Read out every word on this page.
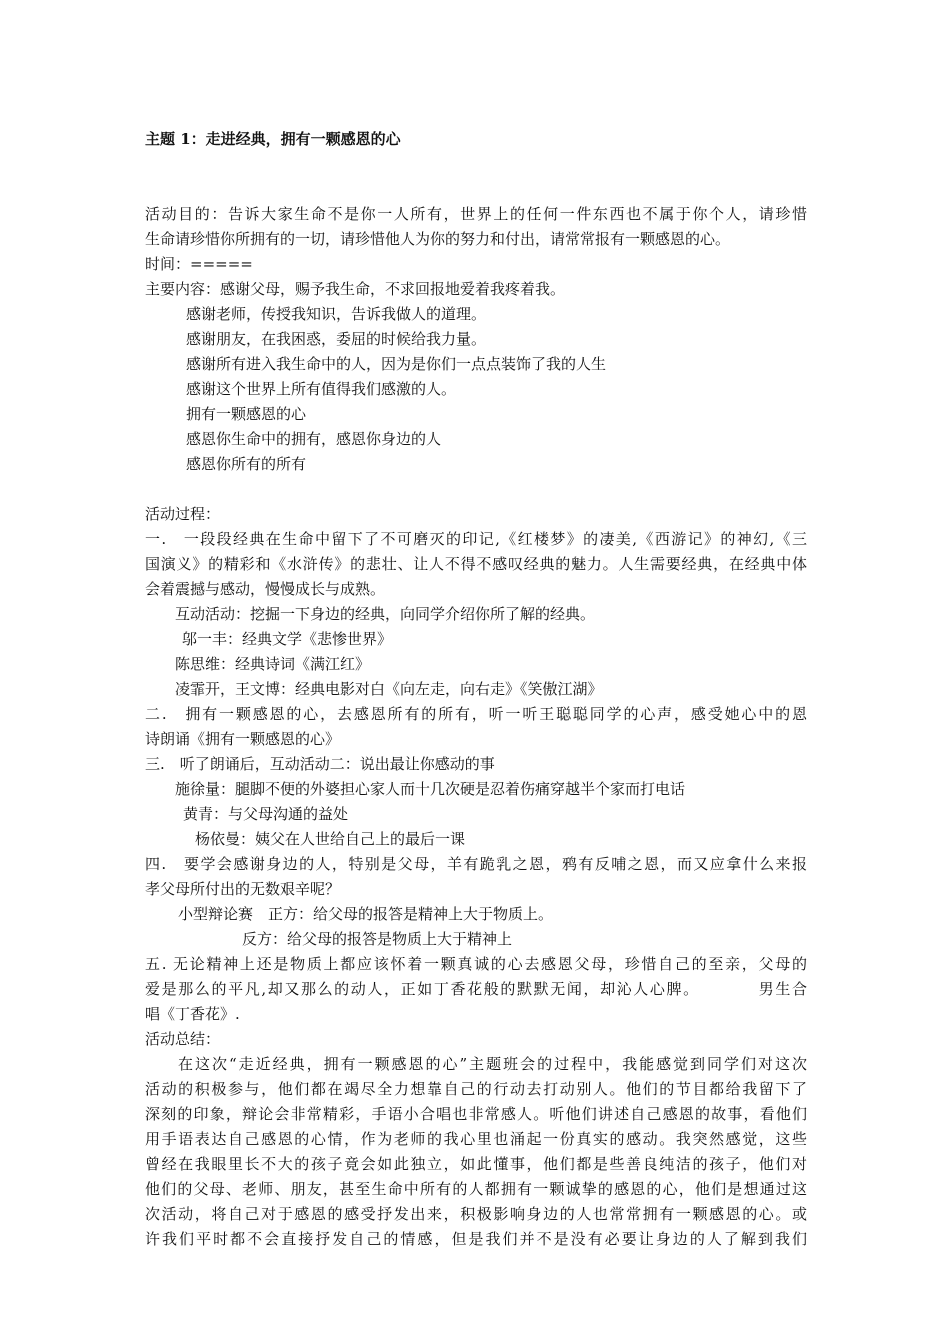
主题 1：走进经典，拥有一颗感恩的心
活动目的：告诉大家生命不是你一人所有，世界上的任何一件东西也不属于你个人，请珍惜
生命请珍惜你所拥有的一切，请珍惜他人为你的努力和付出，请常常报有一颗感恩的心。
时间：=====
主要内容：感谢父母，赐予我生命，不求回报地爱着我疼着我。
感谢老师，传授我知识，告诉我做人的道理。
感谢朋友，在我困惑，委屈的时候给我力量。
感谢所有进入我生命中的人，因为是你们一点点装饰了我的人生
感谢这个世界上所有值得我们感激的人。
拥有一颗感恩的心
感恩你生命中的拥有，感恩你身边的人
感恩你所有的所有
活动过程：
一.　一段段经典在生命中留下了不可磨灭的印记,《红楼梦》的凄美,《西游记》的神幻,《三
国演义》的精彩和《水浒传》的悲壮、让人不得不感叹经典的魅力。人生需要经典，在经典中体
会着震撼与感动，慢慢成长与成熟。
互动活动：挖掘一下身边的经典，向同学介绍你所了解的经典。
邬一丰：经典文学《悲惨世界》
陈思维：经典诗词《满江红》
凌霏开，王文博：经典电影对白《向左走，向右走》《笑傲江湖》
二.　拥有一颗感恩的心，去感恩所有的所有，听一听王聪聪同学的心声，感受她心中的恩
诗朗诵《拥有一颗感恩的心》
三.　听了朗诵后，互动活动二：说出最让你感动的事
施徐量：腿脚不便的外婆担心家人而十几次硬是忍着伤痛穿越半个家而打电话
黄青：与父母沟通的益处
杨依曼：姨父在人世给自己上的最后一课
四.　要学会感谢身边的人，特别是父母，羊有跪乳之恩，鸦有反哺之恩，而又应拿什么来报
孝父母所付出的无数艰辛呢？
小型辩论赛　正方：给父母的报答是精神上大于物质上。
反方：给父母的报答是物质上大于精神上
五. 无论精神上还是物质上都应该怀着一颗真诚的心去感恩父母，珍惜自己的至亲，父母的
爱是那么的平凡,却又那么的动人，正如丁香花般的默默无闻，却沁人心脾。　　　　男生合
唱《丁香花》.
活动总结：
在这次“走近经典，拥有一颗感恩的心”主题班会的过程中，我能感觉到同学们对这次
活动的积极参与，他们都在竭尽全力想靠自己的行动去打动别人。他们的节目都给我留下了
深刻的印象，辩论会非常精彩，手语小合唱也非常感人。听他们讲述自己感恩的故事，看他们
用手语表达自己感恩的心情，作为老师的我心里也涌起一份真实的感动。我突然感觉，这些
曾经在我眼里长不大的孩子竟会如此独立，如此懂事，他们都是些善良纯洁的孩子，他们对
他们的父母、老师、朋友，甚至生命中所有的人都拥有一颗诚挚的感恩的心，他们是想通过这
次活动，将自己对于感恩的感受抒发出来，积极影响身边的人也常常拥有一颗感恩的心。或
许我们平时都不会直接抒发自己的情感，但是我们并不是没有必要让身边的人了解到我们
